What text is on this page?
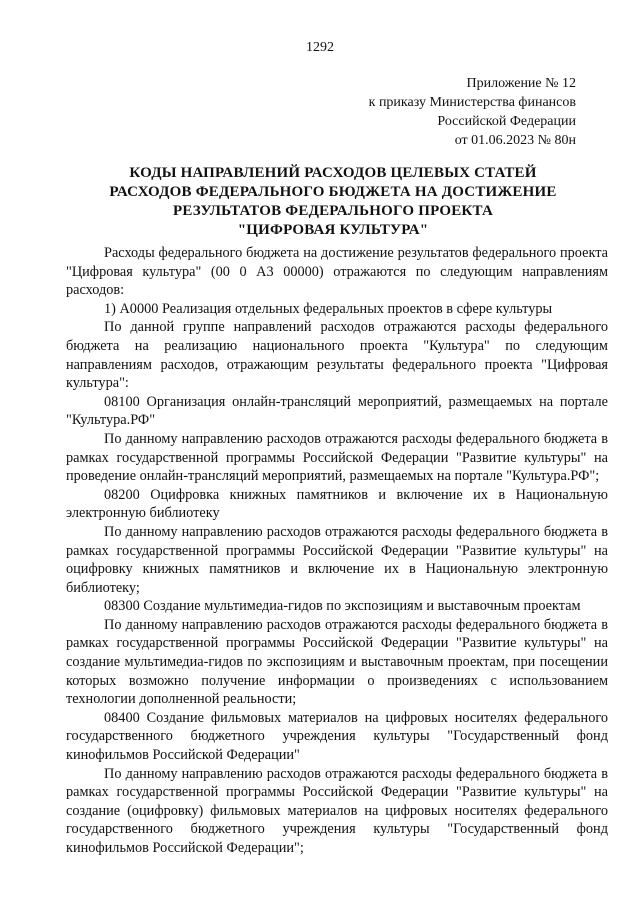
1292
Приложение № 12
к приказу Министерства финансов
Российской Федерации
от 01.06.2023 № 80н
КОДЫ НАПРАВЛЕНИЙ РАСХОДОВ ЦЕЛЕВЫХ СТАТЕЙ
РАСХОДОВ ФЕДЕРАЛЬНОГО БЮДЖЕТА НА ДОСТИЖЕНИЕ
РЕЗУЛЬТАТОВ ФЕДЕРАЛЬНОГО ПРОЕКТА
"ЦИФРОВАЯ КУЛЬТУРА"

Расходы федерального бюджета на достижение результатов федерального проекта "Цифровая культура" (00 0 А3 00000) отражаются по следующим направлениям расходов:

1) А0000 Реализация отдельных федеральных проектов в сфере культуры

По данной группе направлений расходов отражаются расходы федерального бюджета на реализацию национального проекта "Культура" по следующим направлениям расходов, отражающим результаты федерального проекта "Цифровая культура":

08100 Организация онлайн-трансляций мероприятий, размещаемых на портале "Культура.РФ"

По данному направлению расходов отражаются расходы федерального бюджета в рамках государственной программы Российской Федерации "Развитие культуры" на проведение онлайн-трансляций мероприятий, размещаемых на портале "Культура.РФ";

08200 Оцифровка книжных памятников и включение их в Национальную электронную библиотеку

По данному направлению расходов отражаются расходы федерального бюджета в рамках государственной программы Российской Федерации "Развитие культуры" на оцифровку книжных памятников и включение их в Национальную электронную библиотеку;

08300 Создание мультимедиа-гидов по экспозициям и выставочным проектам

По данному направлению расходов отражаются расходы федерального бюджета в рамках государственной программы Российской Федерации "Развитие культуры" на создание мультимедиа-гидов по экспозициям и выставочным проектам, при посещении которых возможно получение информации о произведениях с использованием технологии дополненной реальности;

08400 Создание фильмовых материалов на цифровых носителях федерального государственного бюджетного учреждения культуры "Государственный фонд кинофильмов Российской Федерации"

По данному направлению расходов отражаются расходы федерального бюджета в рамках государственной программы Российской Федерации "Развитие культуры" на создание (оцифровку) фильмовых материалов на цифровых носителях федерального государственного бюджетного учреждения культуры "Государственный фонд кинофильмов Российской Федерации";
